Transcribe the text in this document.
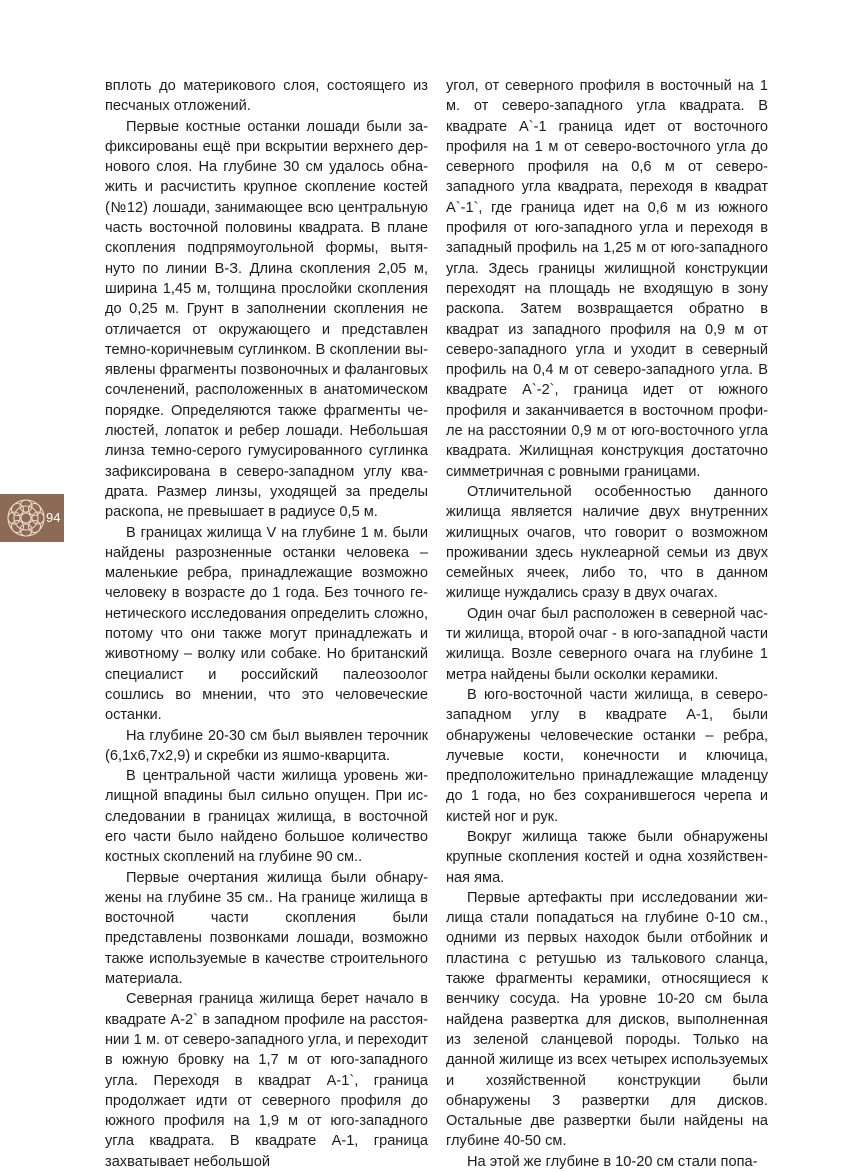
вплоть до материкового слоя, состоящего из песчаных отложений.

Первые костные останки лошади были зафиксированы ещё при вскрытии верхнего дернового слоя. На глубине 30 см удалось обнажить и расчистить крупное скопление костей (№12) лошади, занимающее всю центральную часть восточной половины квадрата. В плане скопления подпрямоугольной формы, вытянуто по линии В-З. Длина скопления 2,05 м, ширина 1,45 м, толщина прослойки скопления до 0,25 м. Грунт в заполнении скопления не отличается от окружающего и представлен темно-коричневым суглинком. В скоплении выявлены фрагменты позвоночных и фаланговых сочленений, расположенных в анатомическом порядке. Определяются также фрагменты челюстей, лопаток и ребер лошади. Небольшая линза темно-серого гумусированного суглинка зафиксирована в северо-западном углу квадрата. Размер линзы, уходящей за пределы раскопа, не превышает в радиусе 0,5 м.

В границах жилища V на глубине 1 м. были найдены разрозненные останки человека – маленькие ребра, принадлежащие возможно человеку в возрасте до 1 года. Без точного генетического исследования определить сложно, потому что они также могут принадлежать и животному – волку или собаке. Но британский специалист и российский палеозоолог сошлись во мнении, что это человеческие останки.

На глубине 20-30 см был выявлен терочник (6,1х6,7х2,9) и скребки из яшмо-кварцита.

В центральной части жилища уровень жилищной впадины был сильно опущен. При исследовании в границах жилища, в восточной его части было найдено большое количество костных скоплений на глубине 90 см..

Первые очертания жилища были обнаружены на глубине 35 см.. На границе жилища в восточной части скопления были представлены позвонками лошади, возможно также используемые в качестве строительного материала.

Северная граница жилища берет начало в квадрате А-2` в западном профиле на расстоянии 1 м. от северо-западного угла, и переходит в южную бровку на 1,7 м от юго-западного угла. Переходя в квадрат А-1`, граница продолжает идти от северного профиля до южного профиля на 1,9 м от юго-западного угла квадрата. В квадрате А-1, граница захватывает небольшой

угол, от северного профиля в восточный на 1 м. от северо-западного угла квадрата. В квадрате А`-1 граница идет от восточного профиля на 1 м от северо-восточного угла до северного профиля на 0,6 м от северо-западного угла квадрата, переходя в квадрат А`-1`, где граница идет на 0,6 м из южного профиля от юго-западного угла и переходя в западный профиль на 1,25 м от юго-западного угла. Здесь границы жилищной конструкции переходят на площадь не входящую в зону раскопа. Затем возвращается обратно в квадрат из западного профиля на 0,9 м от северо-западного угла и уходит в северный профиль на 0,4 м от северо-западного угла. В квадрате А`-2`, граница идет от южного профиля и заканчивается в восточном профиле на расстоянии 0,9 м от юго-восточного угла квадрата. Жилищная конструкция достаточно симметричная с ровными границами.

Отличительной особенностью данного жилища является наличие двух внутренних жилищных очагов, что говорит о возможном проживании здесь нуклеарной семьи из двух семейных ячеек, либо то, что в данном жилище нуждались сразу в двух очагах.

Один очаг был расположен в северной части жилища, второй очаг - в юго-западной части жилища. Возле северного очага на глубине 1 метра найдены были осколки керамики.

В юго-восточной части жилища, в северо-западном углу в квадрате А-1, были обнаружены человеческие останки – ребра, лучевые кости, конечности и ключица, предположительно принадлежащие младенцу до 1 года, но без сохранившегося черепа и кистей ног и рук.

Вокруг жилища также были обнаружены крупные скопления костей и одна хозяйственная яма.

Первые артефакты при исследовании жилища стали попадаться на глубине 0-10 см., одними из первых находок были отбойник и пластина с ретушью из талькового сланца, также фрагменты керамики, относящиеся к венчику сосуда. На уровне 10-20 см была найдена развертка для дисков, выполненная из зеленой сланцевой породы. Только на данной жилище из всех четырех используемых и хозяйственной конструкции были обнаружены 3 развертки для дисков. Остальные две развертки были найдены на глубине 40-50 см.

На этой же глубине в 10-20 см стали попа-

94
